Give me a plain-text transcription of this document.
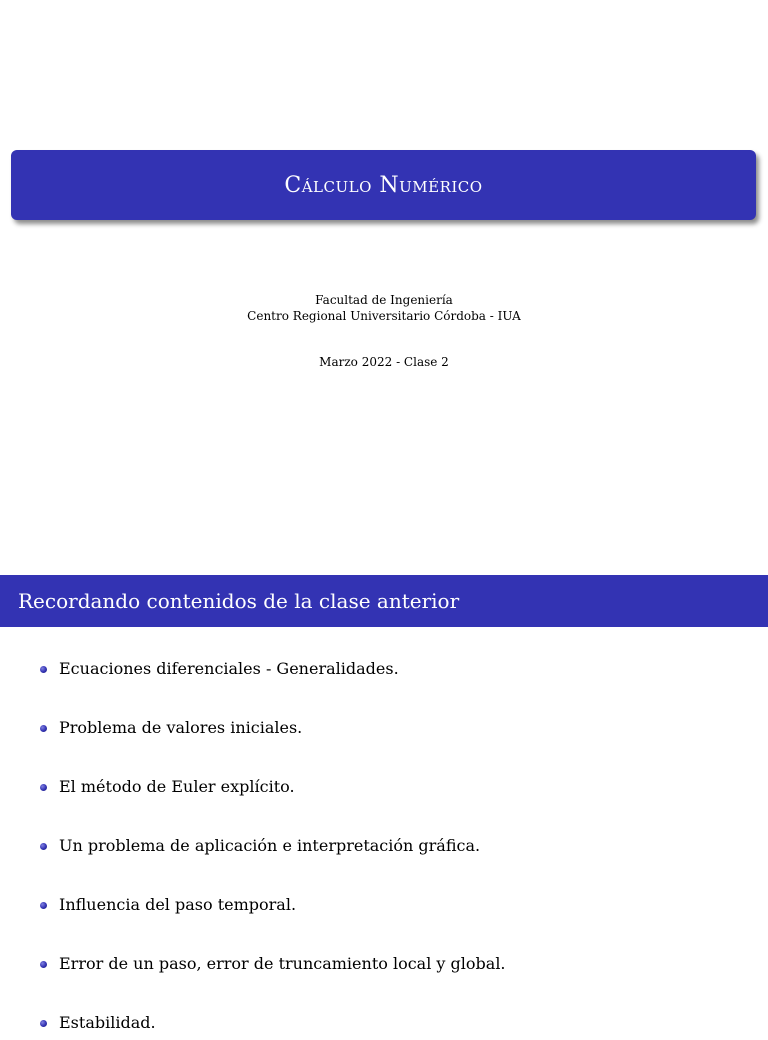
Cálculo Numérico
Facultad de Ingeniería
Centro Regional Universitario Córdoba - IUA
Marzo 2022 - Clase 2
Recordando contenidos de la clase anterior
Ecuaciones diferenciales - Generalidades.
Problema de valores iniciales.
El método de Euler explícito.
Un problema de aplicación e interpretación gráfica.
Influencia del paso temporal.
Error de un paso, error de truncamiento local y global.
Estabilidad.
